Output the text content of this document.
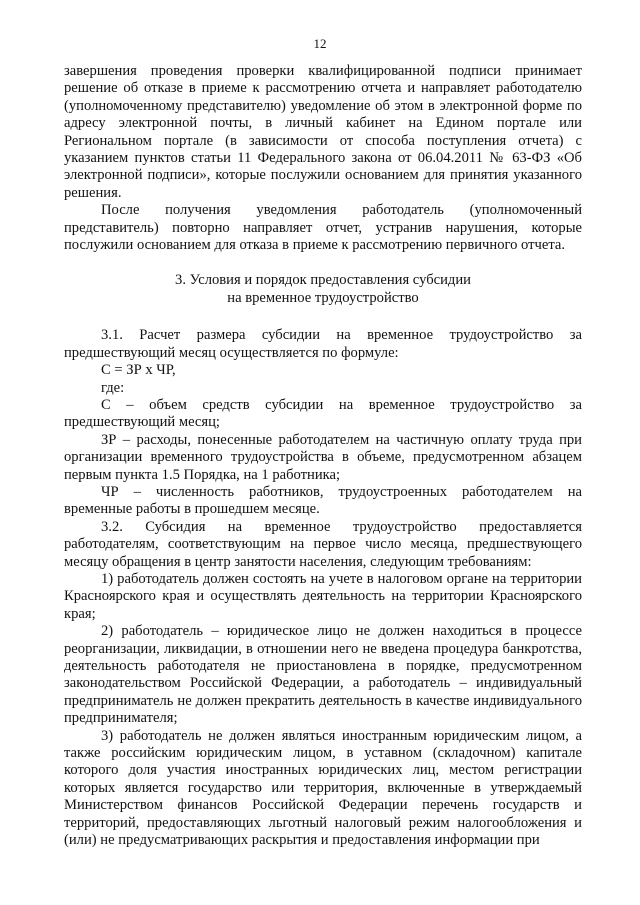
12

завершения проведения проверки квалифицированной подписи принимает решение об отказе в приеме к рассмотрению отчета и направляет работодателю (уполномоченному представителю) уведомление об этом в электронной форме по адресу электронной почты, в личный кабинет на Едином портале или Региональном портале (в зависимости от способа поступления отчета) с указанием пунктов статьи 11 Федерального закона от 06.04.2011 № 63-ФЗ «Об электронной подписи», которые послужили основанием для принятия указанного решения.

После получения уведомления работодатель (уполномоченный представитель) повторно направляет отчет, устранив нарушения, которые послужили основанием для отказа в приеме к рассмотрению первичного отчета.

3. Условия и порядок предоставления субсидии
на временное трудоустройство

3.1. Расчет размера субсидии на временное трудоустройство за предшествующий месяц осуществляется по формуле:

С = ЗР х ЧР,

где:

С – объем средств субсидии на временное трудоустройство за предшествующий месяц;

ЗР – расходы, понесенные работодателем на частичную оплату труда при организации временного трудоустройства в объеме, предусмотренном абзацем первым пункта 1.5 Порядка, на 1 работника;

ЧР – численность работников, трудоустроенных работодателем на временные работы в прошедшем месяце.

3.2. Субсидия на временное трудоустройство предоставляется работодателям, соответствующим на первое число месяца, предшествующего месяцу обращения в центр занятости населения, следующим требованиям:

1) работодатель должен состоять на учете в налоговом органе на территории Красноярского края и осуществлять деятельность на территории Красноярского края;

2) работодатель – юридическое лицо не должен находиться в процессе реорганизации, ликвидации, в отношении него не введена процедура банкротства, деятельность работодателя не приостановлена в порядке, предусмотренном законодательством Российской Федерации, а работодатель – индивидуальный предприниматель не должен прекратить деятельность в качестве индивидуального предпринимателя;

3) работодатель не должен являться иностранным юридическим лицом, а также российским юридическим лицом, в уставном (складочном) капитале которого доля участия иностранных юридических лиц, местом регистрации которых является государство или территория, включенные в утверждаемый Министерством финансов Российской Федерации перечень государств и территорий, предоставляющих льготный налоговый режим налогообложения и (или) не предусматривающих раскрытия и предоставления информации при
